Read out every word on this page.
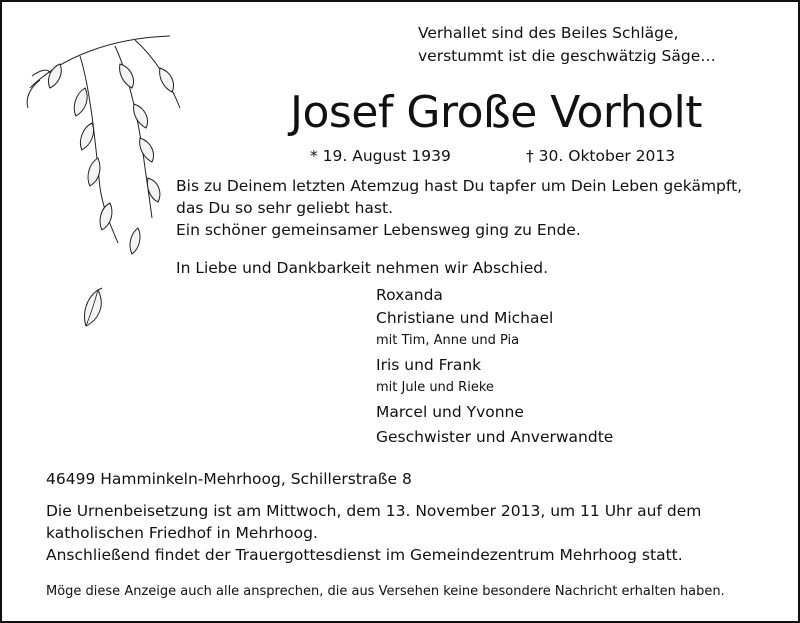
Verhallet sind des Beiles Schläge,
verstummt ist die geschwätzig Säge…
Josef Große Vorholt
* 19. August 1939	† 30. Oktober 2013
Bis zu Deinem letzten Atemzug hast Du tapfer um Dein Leben gekämpft,
das Du so sehr geliebt hast.
Ein schöner gemeinsamer Lebensweg ging zu Ende.
In Liebe und Dankbarkeit nehmen wir Abschied.
Roxanda
Christiane und Michael
mit Tim, Anne und Pia
Iris und Frank
mit Jule und Rieke
Marcel und Yvonne
Geschwister und Anverwandte
46499 Hamminkeln-Mehrhoog, Schillerstraße 8
Die Urnenbeisetzung ist am Mittwoch, dem 13. November 2013, um 11 Uhr auf dem
katholischen Friedhof in Mehrhoog.
Anschließend findet der Trauergottesdienst im Gemeindezentrum Mehrhoog statt.
Möge diese Anzeige auch alle ansprechen, die aus Versehen keine besondere Nachricht erhalten haben.
